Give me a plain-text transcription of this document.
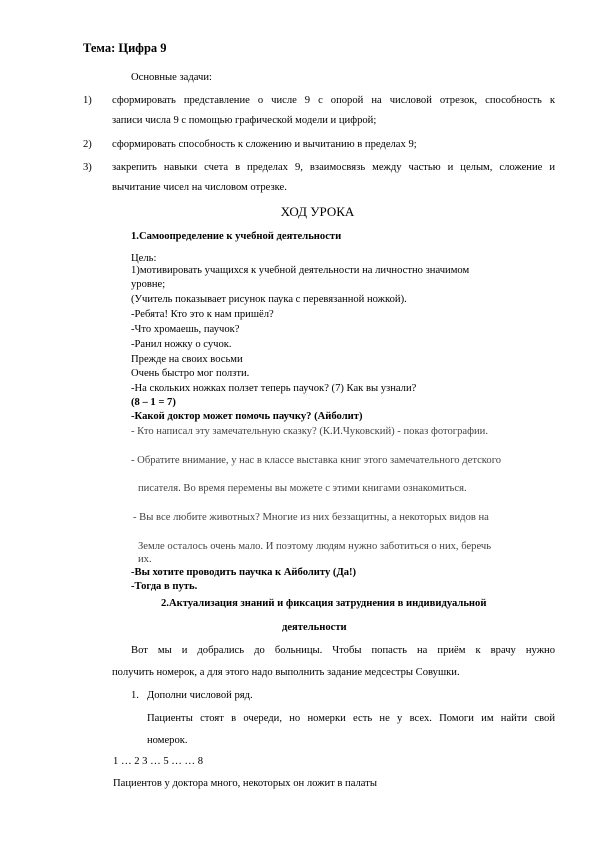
Тема: Цифра 9
Основные задачи:
1) сформировать представление о числе 9 с опорой на числовой отрезок, способность к
записи числа 9 с помощью графической модели и цифрой;
2) сформировать способность к сложению и вычитанию в пределах 9;
3) закрепить навыки счета в пределах 9, взаимосвязь между частью и целым, сложение и
вычитание чисел на числовом отрезке.
ХОД УРОКА
1.Самоопределение к учебной деятельности
Цель:
1)мотивировать учащихся к учебной деятельности на личностно значимом
уровне;
(Учитель показывает рисунок паука с перевязанной ножкой).
-Ребята! Кто это к нам пришёл?
-Что хромаешь, паучок?
-Ранил ножку о сучок.
Прежде на своих восьми
Очень быстро мог ползти.
-На скольких ножках ползет теперь паучок? (7) Как вы узнали?
(8 – 1 = 7)
-Какой доктор может помочь паучку? (Айболит)
- Кто написал эту замечательную сказку? (К.И.Чуковский) - показ фотографии.
- Обратите внимание, у нас в классе выставка книг этого замечательного детского
писателя. Во время перемены вы можете с этими книгами ознакомиться.
- Вы все любите животных? Многие из них беззащитны, а некоторых видов на
Земле осталось очень мало. И поэтому людям нужно заботиться о них, беречь
их.
-Вы хотите проводить паучка к Айболиту (Да!)
-Тогда в путь.
2.Актуализация знаний и фиксация затруднения в индивидуальной
деятельности
Вот мы и добрались до больницы. Чтобы попасть на приём к врачу нужно
получить номерок, а для этого надо выполнить задание медсестры Совушки.
1. Дополни числовой ряд.
Пациенты стоят в очереди, но номерки есть не у всех. Помоги им найти свой
номерок.
1 … 2 3 … 5 … … 8
Пациентов у доктора много, некоторых он ложит в палаты
